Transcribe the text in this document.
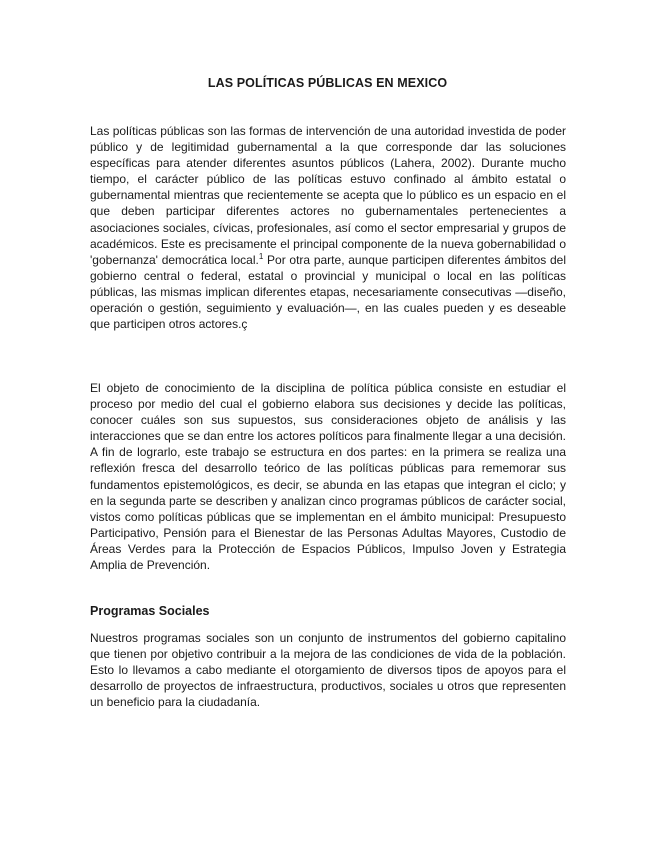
LAS POLÍTICAS PÚBLICAS EN MEXICO

Las políticas públicas son las formas de intervención de una autoridad investida de poder público y de legitimidad gubernamental a la que corresponde dar las soluciones específicas para atender diferentes asuntos públicos (Lahera, 2002). Durante mucho tiempo, el carácter público de las políticas estuvo confinado al ámbito estatal o gubernamental mientras que recientemente se acepta que lo público es un espacio en el que deben participar diferentes actores no gubernamentales pertenecientes a asociaciones sociales, cívicas, profesionales, así como el sector empresarial y grupos de académicos. Este es precisamente el principal componente de la nueva gobernabilidad o 'gobernanza' democrática local.$^1$ Por otra parte, aunque participen diferentes ámbitos del gobierno central o federal, estatal o provincial y municipal o local en las políticas públicas, las mismas implican diferentes etapas, necesariamente consecutivas —diseño, operación o gestión, seguimiento y evaluación—, en las cuales pueden y es deseable que participen otros actores.ç

El objeto de conocimiento de la disciplina de política pública consiste en estudiar el proceso por medio del cual el gobierno elabora sus decisiones y decide las políticas, conocer cuáles son sus supuestos, sus consideraciones objeto de análisis y las interacciones que se dan entre los actores políticos para finalmente llegar a una decisión. A fin de lograrlo, este trabajo se estructura en dos partes: en la primera se realiza una reflexión fresca del desarrollo teórico de las políticas públicas para rememorar sus fundamentos epistemológicos, es decir, se abunda en las etapas que integran el ciclo; y en la segunda parte se describen y analizan cinco programas públicos de carácter social, vistos como políticas públicas que se implementan en el ámbito municipal: Presupuesto Participativo, Pensión para el Bienestar de las Personas Adultas Mayores, Custodio de Áreas Verdes para la Protección de Espacios Públicos, Impulso Joven y Estrategia Amplia de Prevención.

Programas Sociales

Nuestros programas sociales son un conjunto de instrumentos del gobierno capitalino que tienen por objetivo contribuir a la mejora de las condiciones de vida de la población. Esto lo llevamos a cabo mediante el otorgamiento de diversos tipos de apoyos para el desarrollo de proyectos de infraestructura, productivos, sociales u otros que representen un beneficio para la ciudadanía.
